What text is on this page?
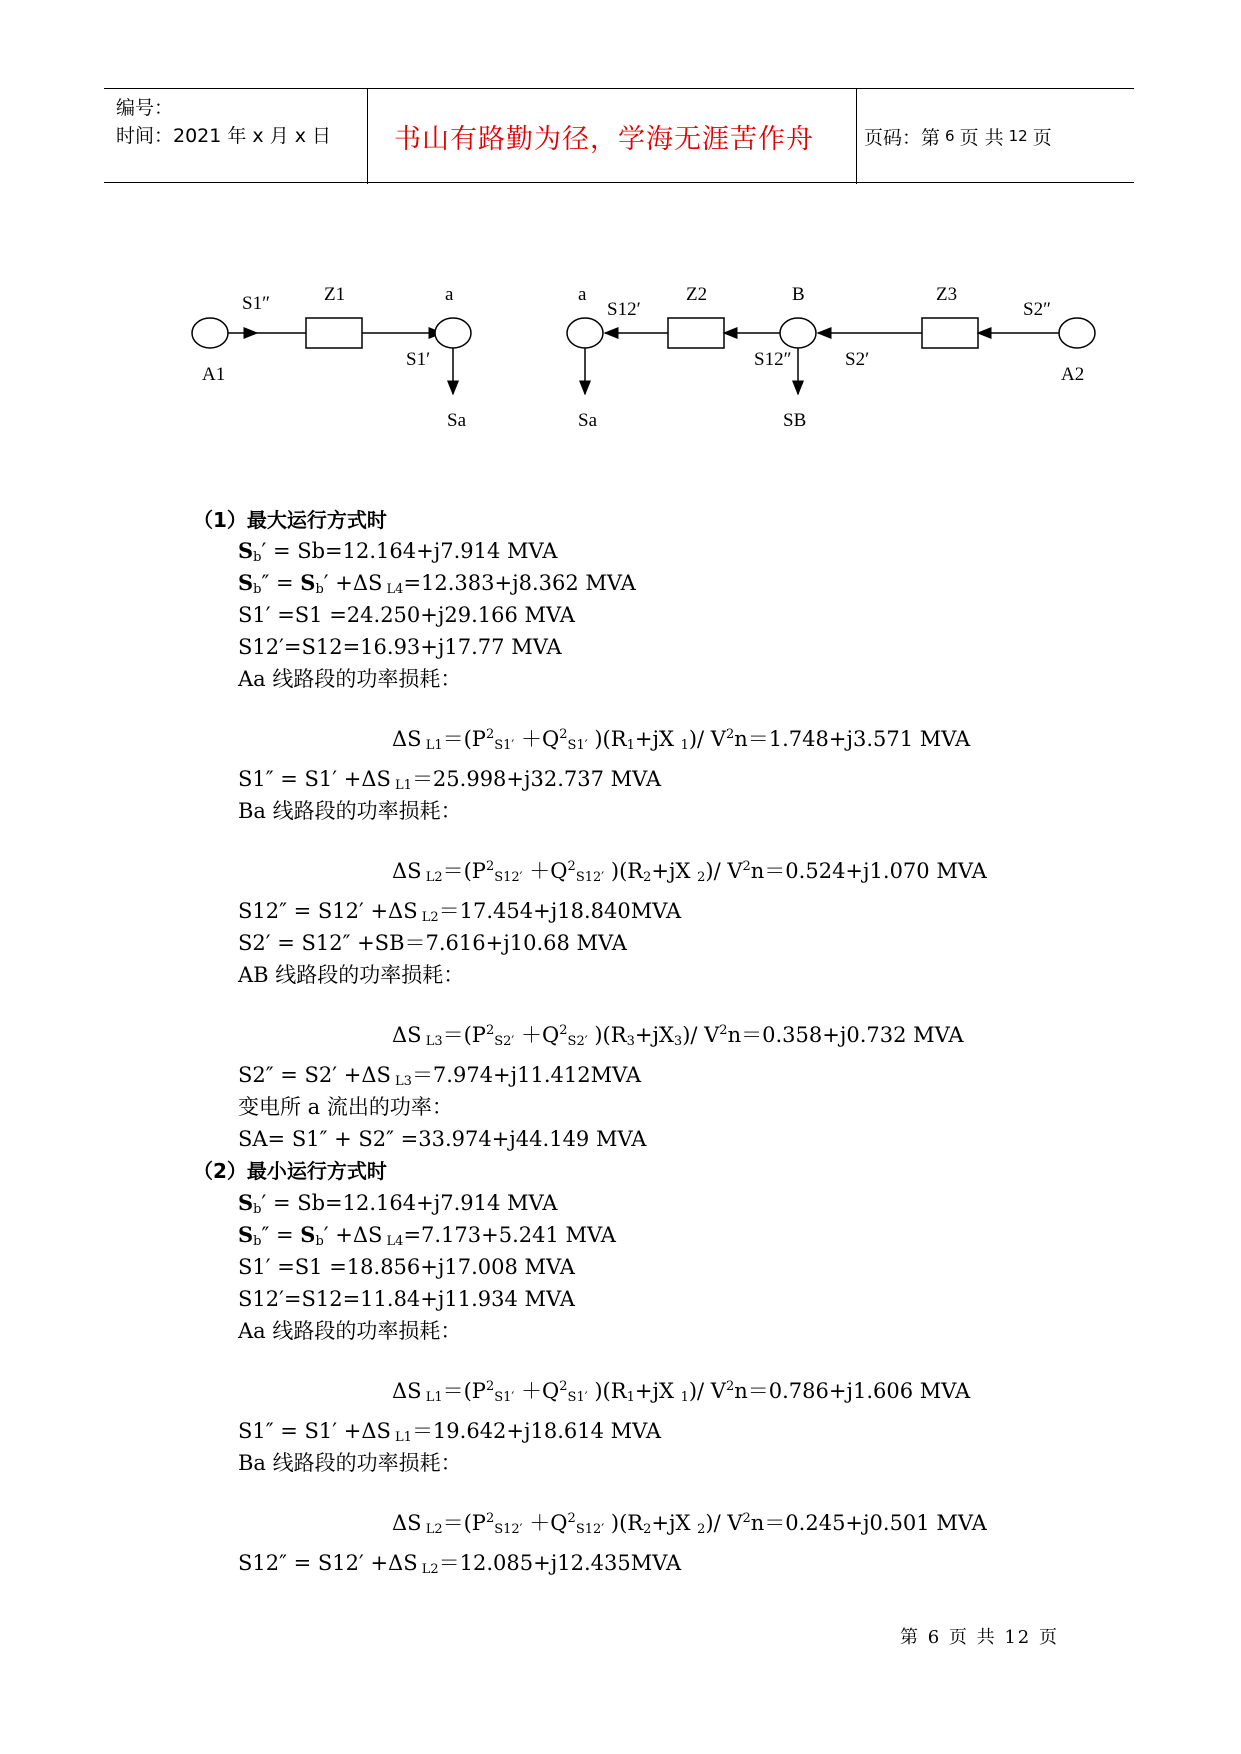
编号：
时间：2021 年 x 月 x 日	书山有路勤为径，学海无涯苦作舟	页码：第 6 页 共 12 页
S1″	Z1	a
S1′
A1
Sa
a
S12′
Z2	B	Z3
S2″
S12″	S2′
A2
Sa	SB
（1）最大运行方式时
$S_b' = Sb=12.164+j7.914$ MVA
$S_b'' = S_b' +\Delta S$ $_{L4}$=12.383+j8.362 MVA
S1′ =S1 =24.250+j29.166 MVA
S12′=S12=16.93+j17.77 MVA
Aa 线路段的功率损耗：
ΔS $_{L1}=(P^2_{S1'} +Q^2_{S1'}$ )($R_1+jX$ $_1$)/ $V^2n=1.748+j3.571$ MVA
S1″ = S1′ +ΔS $_{L1}$＝25.998+j32.737 MVA
Ba 线路段的功率损耗：
ΔS $_{L2}=(P^2_{S12'} +Q^2_{S12'}$ )($R_2+jX$ $_2$)/ $V^2n=0.524+j1.070$ MVA
S12″ = S12′ +ΔS $_{L2}$＝17.454+j18.840MVA
S2′ = S12″ +SB＝7.616+j10.68 MVA
AB 线路段的功率损耗：
ΔS $_{L3}=(P^2_{S2'} +Q^2_{S2'}$ )$(R_3+jX_3)/$ $V^2n=0.358+j0.732$ MVA
S2″ = S2′ +ΔS $_{L3}$＝7.974+j11.412MVA
变电所 a 流出的功率：
SA= S1″ + S2″ =33.974+j44.149 MVA
（2）最小运行方式时
$S_b' = Sb=12.164+j7.914$ MVA
$S_b'' = S_b' +\Delta S$ $_{L4}$=7.173+5.241 MVA
S1′ =S1 =18.856+j17.008 MVA
S12′=S12=11.84+j11.934 MVA
Aa 线路段的功率损耗：
ΔS $_{L1}=(P^2_{S1'} +Q^2_{S1'}$ )($R_1+jX$ $_1$)/ $V^2n=0.786+j1.606$ MVA
S1″ = S1′ +ΔS $_{L1}$＝19.642+j18.614 MVA
Ba 线路段的功率损耗：
ΔS $_{L2}=(P^2_{S12'} +Q^2_{S12'}$ )($R_2+jX$ $_2$)/ $V^2n=0.245+j0.501$ MVA
S12″ = S12′ +ΔS $_{L2}$＝12.085+j12.435MVA
第 6 页 共 12 页
